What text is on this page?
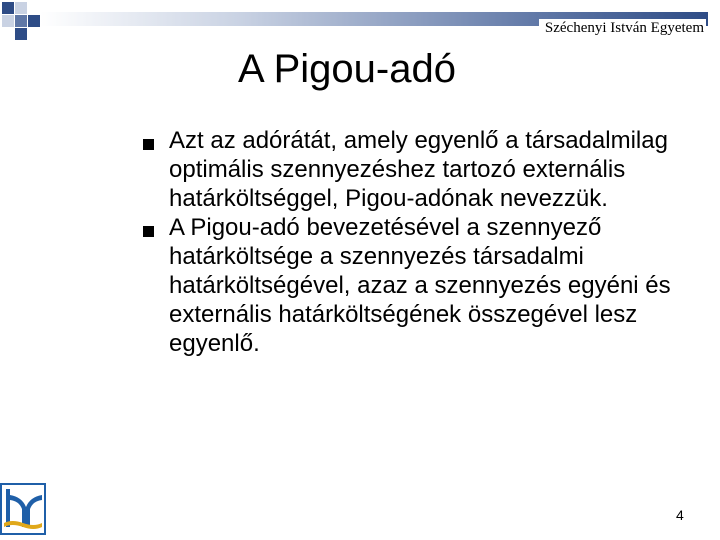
Széchenyi István Egyetem
A Pigou-adó
Azt az adórátát, amely egyenlő a társadalmilag optimális szennyezéshez tartozó externális határköltséggel, Pigou-adónak nevezzük.
A Pigou-adó bevezetésével a szennyező határköltsége a szennyezés társadalmi határköltségével, azaz a szennyezés egyéni és externális határköltségének összegével lesz egyenlő.
4
